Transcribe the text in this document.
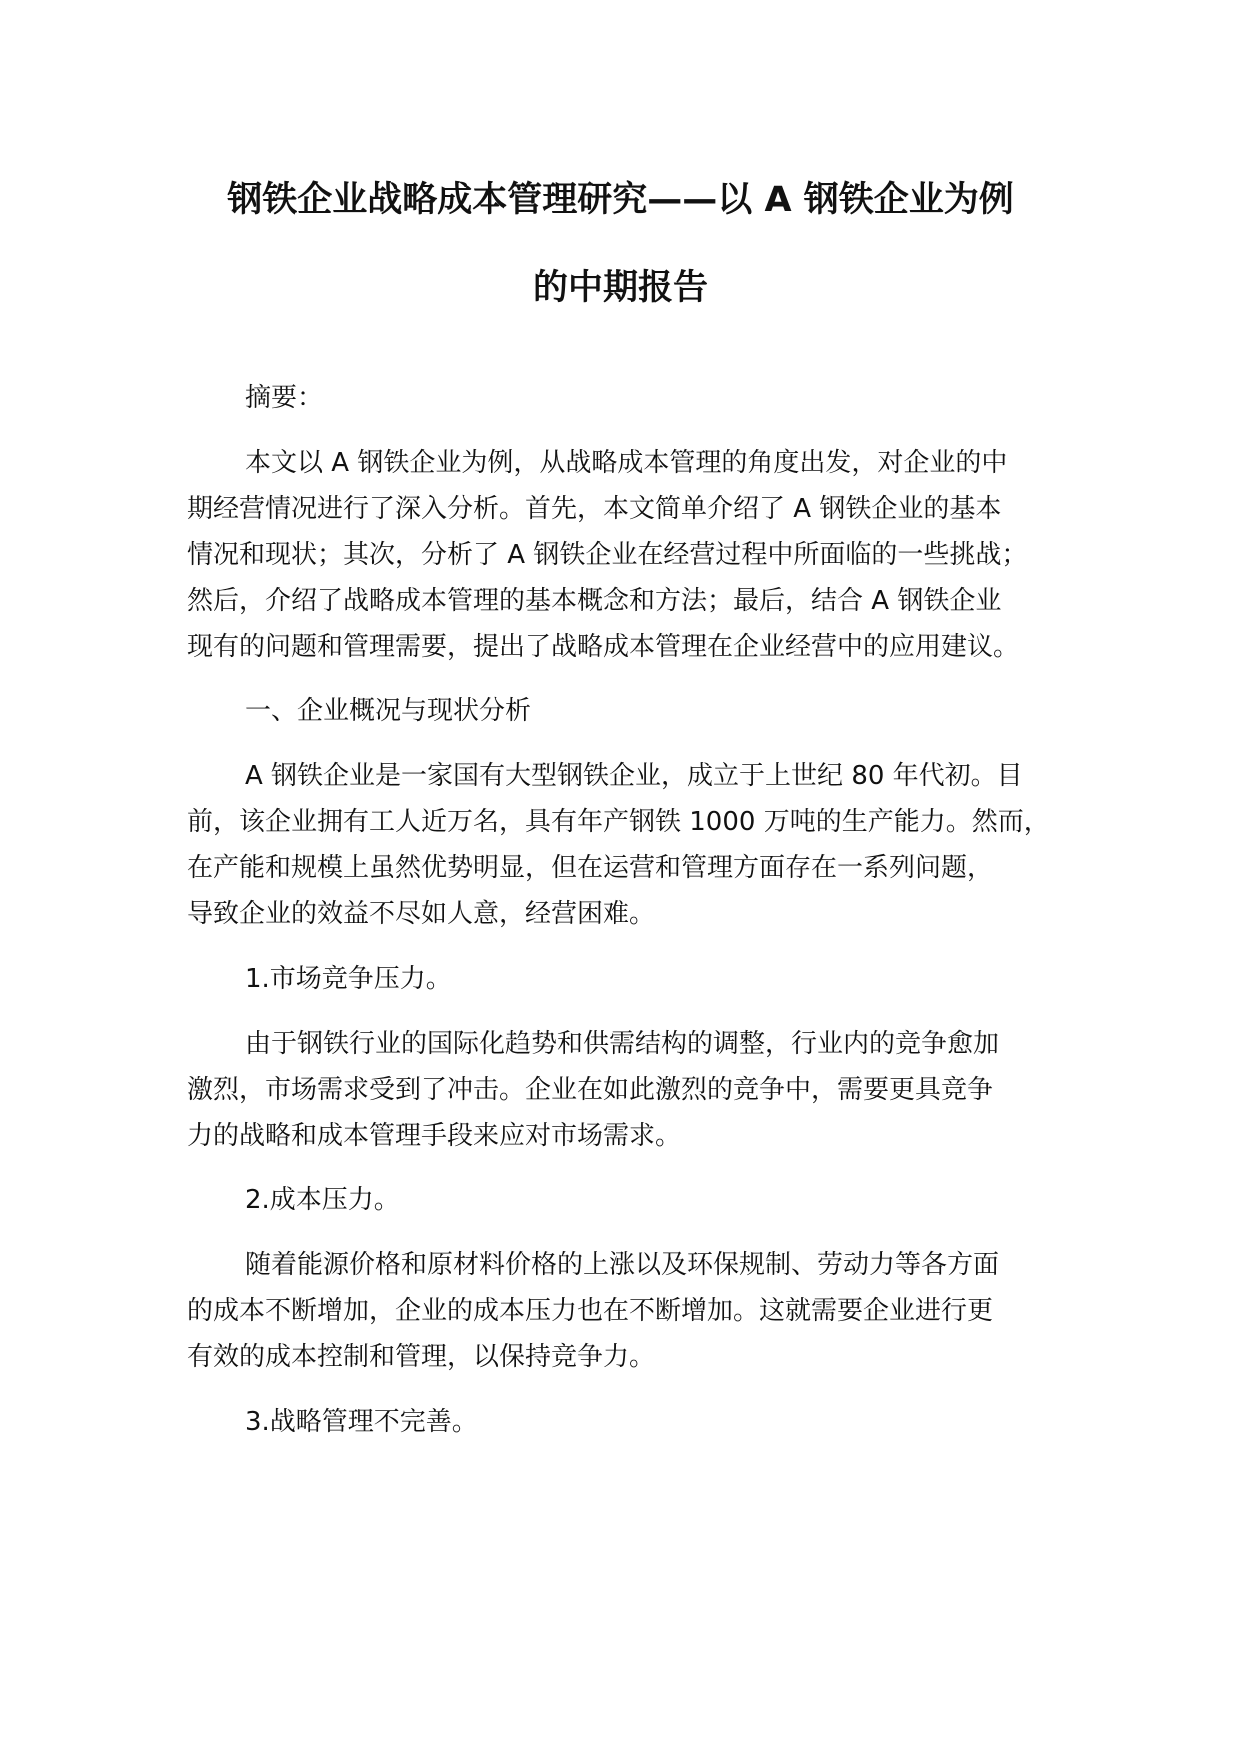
钢铁企业战略成本管理研究——以 A 钢铁企业为例
的中期报告
摘要：
本文以 A 钢铁企业为例，从战略成本管理的角度出发，对企业的中
期经营情况进行了深入分析。首先，本文简单介绍了 A 钢铁企业的基本
情况和现状；其次，分析了 A 钢铁企业在经营过程中所面临的一些挑战；
然后，介绍了战略成本管理的基本概念和方法；最后，结合 A 钢铁企业
现有的问题和管理需要，提出了战略成本管理在企业经营中的应用建议。
一、企业概况与现状分析
A 钢铁企业是一家国有大型钢铁企业，成立于上世纪 80 年代初。目
前，该企业拥有工人近万名，具有年产钢铁 1000 万吨的生产能力。然而，
在产能和规模上虽然优势明显，但在运营和管理方面存在一系列问题，
导致企业的效益不尽如人意，经营困难。
1.市场竞争压力。
由于钢铁行业的国际化趋势和供需结构的调整，行业内的竞争愈加
激烈，市场需求受到了冲击。企业在如此激烈的竞争中，需要更具竞争
力的战略和成本管理手段来应对市场需求。
2.成本压力。
随着能源价格和原材料价格的上涨以及环保规制、劳动力等各方面
的成本不断增加，企业的成本压力也在不断增加。这就需要企业进行更
有效的成本控制和管理，以保持竞争力。
3.战略管理不完善。
